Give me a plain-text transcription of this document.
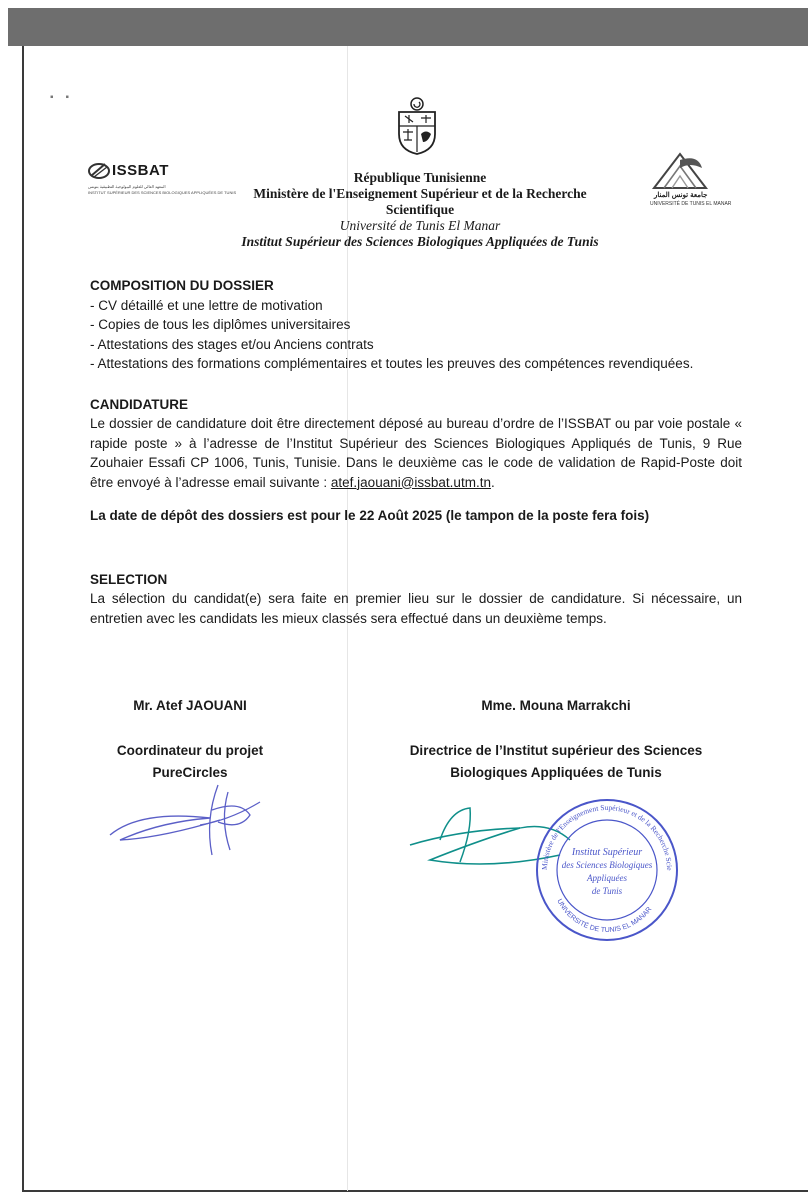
▪▪
ISSBAT
المعهد العالي للعلوم البيولوجية التطبيقية بتونس
INSTITUT SUPÉRIEUR DES SCIENCES BIOLOGIQUES APPLIQUÉES DE TUNIS	جامعة تونس المنار
UNIVERSITÉ DE TUNIS EL MANAR
République Tunisienne
Ministère de l'Enseignement Supérieur et de la Recherche
Scientifique
Université de Tunis El Manar
Institut Supérieur des Sciences Biologiques Appliquées de Tunis
COMPOSITION DU DOSSIER

- CV détaillé et une lettre de motivation

- Copies de tous les diplômes universitaires

- Attestations des stages et/ou Anciens contrats

- Attestations des formations complémentaires et toutes les preuves des compétences revendiquées.

CANDIDATURE

Le dossier de candidature doit être directement déposé au bureau d’ordre de l’ISSBAT ou par voie postale « rapide poste » à l’adresse de l’Institut Supérieur des Sciences Biologiques Appliqués de Tunis, 9 Rue Zouhaier Essafi CP 1006, Tunis, Tunisie. Dans le deuxième cas le code de validation de Rapid-Poste doit être envoyé à l’adresse email suivante : atef.jaouani@issbat.utm.tn.

La date de dépôt des dossiers est pour le 22 Août 2025 (le tampon de la poste fera fois)
SELECTION

La sélection du candidat(e) sera faite en premier lieu sur le dossier de candidature. Si nécessaire, un entretien avec les candidats les mieux classés sera effectué dans un deuxième temps.

Mr. Atef JAOUANI	Mme. Mouna Marrakchi
Coordinateur du projet
PureCircles
Directrice de l’Institut supérieur des Sciences
Biologiques Appliquées de Tunis
Ministère de l'Enseignement Supérieur et de la Recherche Scie
UNIVERSITÉ DE TUNIS EL MANAR
Institut Supérieur
des Sciences Biologiques
Appliquées
de Tunis
